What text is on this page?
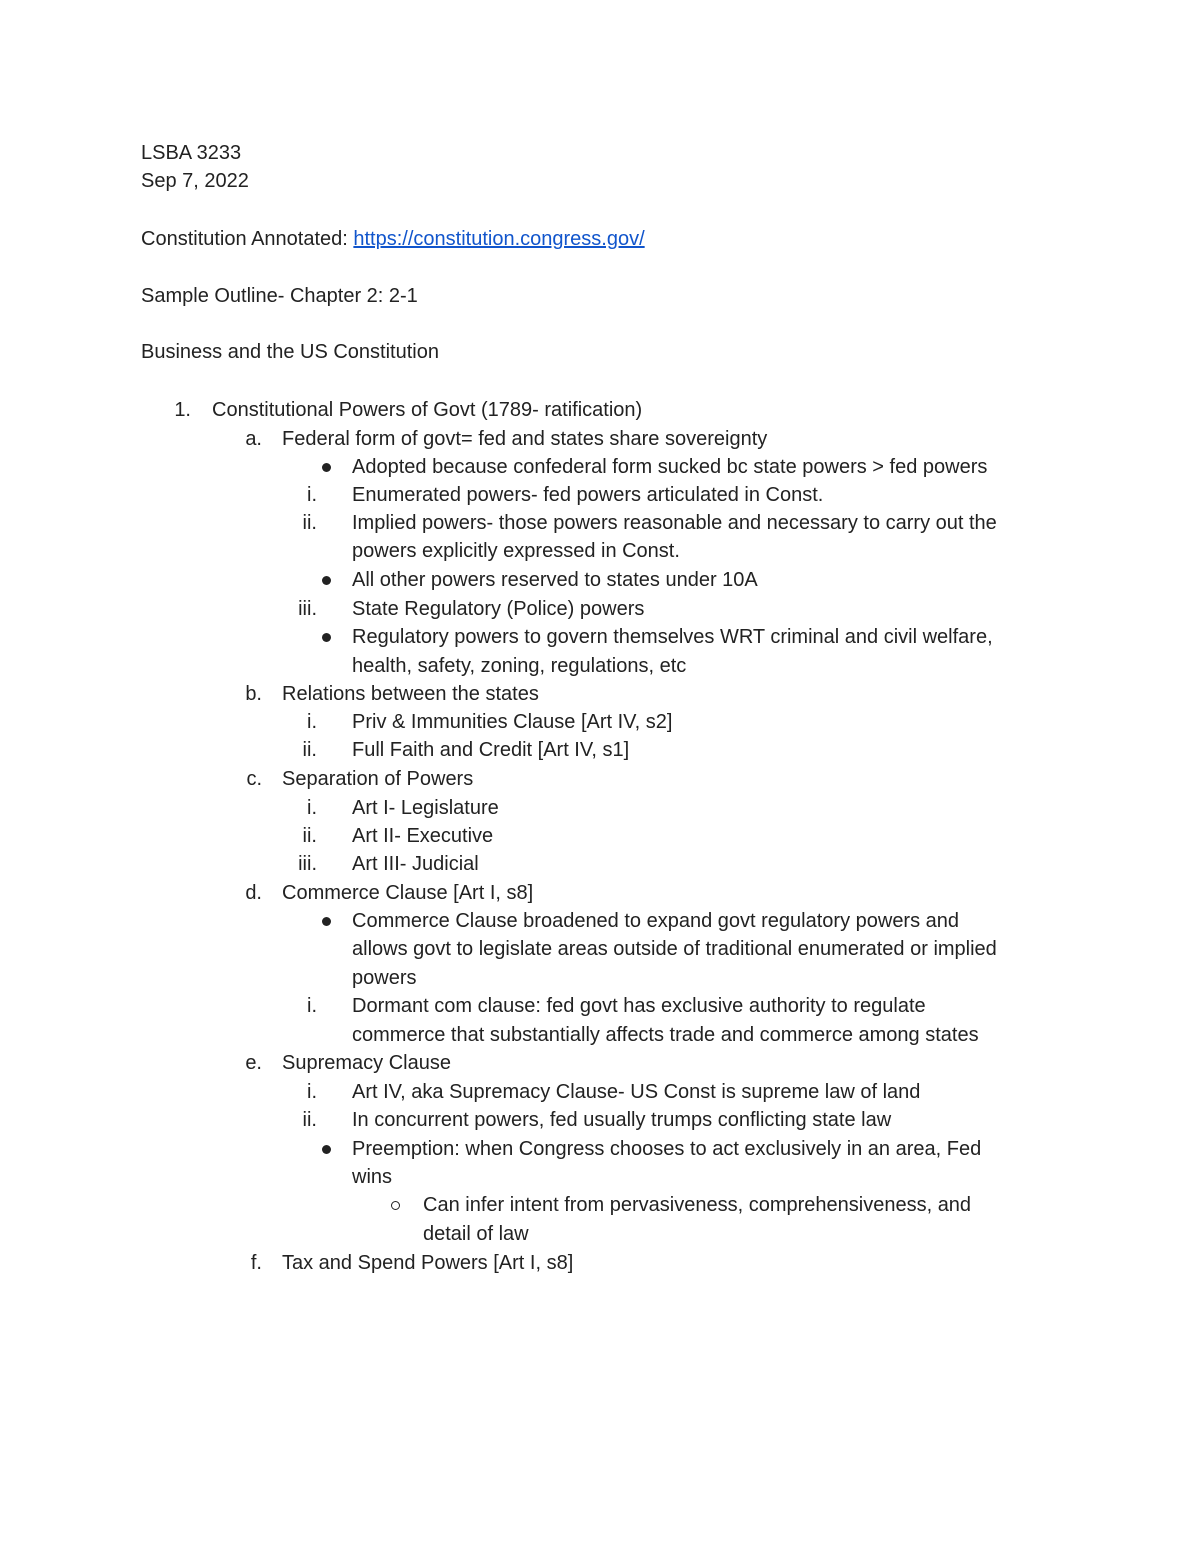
LSBA 3233
Sep 7, 2022
Constitution Annotated: https://constitution.congress.gov/
Sample Outline- Chapter 2: 2-1
Business and the US Constitution
1. Constitutional Powers of Govt (1789- ratification)
a. Federal form of govt= fed and states share sovereignty
Adopted because confederal form sucked bc state powers > fed powers
i. Enumerated powers- fed powers articulated in Const.
ii. Implied powers- those powers reasonable and necessary to carry out the
powers explicitly expressed in Const.
All other powers reserved to states under 10A
iii. State Regulatory (Police) powers
Regulatory powers to govern themselves WRT criminal and civil welfare,
health, safety, zoning, regulations, etc
b. Relations between the states
i. Priv & Immunities Clause [Art IV, s2]
ii. Full Faith and Credit [Art IV, s1]
c. Separation of Powers
i. Art I- Legislature
ii. Art II- Executive
iii. Art III- Judicial
d. Commerce Clause [Art I, s8]
Commerce Clause broadened to expand govt regulatory powers and
allows govt to legislate areas outside of traditional enumerated or implied
powers
i. Dormant com clause: fed govt has exclusive authority to regulate
commerce that substantially affects trade and commerce among states
e. Supremacy Clause
i. Art IV, aka Supremacy Clause- US Const is supreme law of land
ii. In concurrent powers, fed usually trumps conflicting state law
Preemption: when Congress chooses to act exclusively in an area, Fed
wins
Can infer intent from pervasiveness, comprehensiveness, and
detail of law
f. Tax and Spend Powers [Art I, s8]
